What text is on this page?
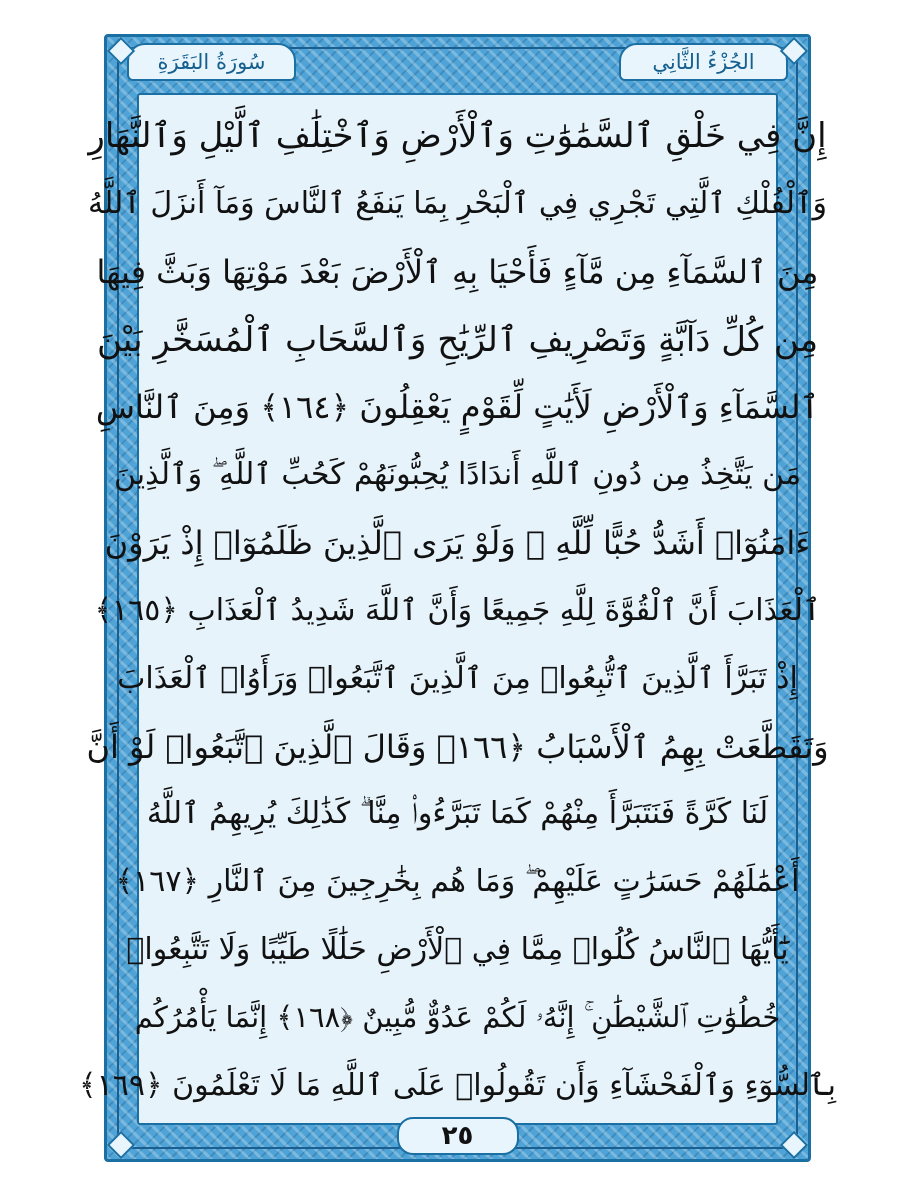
الجُزْءُ الثَّانِي
سُورَةُ البَقَرَةِ
إِنَّ فِي خَلْقِ ٱلسَّمَٰوَٰتِ وَٱلْأَرْضِ وَٱخْتِلَٰفِ ٱلَّيْلِ وَٱلنَّهَارِ
وَٱلْفُلْكِ ٱلَّتِي تَجْرِي فِي ٱلْبَحْرِ بِمَا يَنفَعُ ٱلنَّاسَ وَمَآ أَنزَلَ ٱللَّهُ
مِنَ ٱلسَّمَآءِ مِن مَّآءٍ فَأَحْيَا بِهِ ٱلْأَرْضَ بَعْدَ مَوْتِهَا وَبَثَّ فِيهَا
مِن كُلِّ دَآبَّةٍ وَتَصْرِيفِ ٱلرِّيَٰحِ وَٱلسَّحَابِ ٱلْمُسَخَّرِ بَيْنَ
ٱلسَّمَآءِ وَٱلْأَرْضِ لَأَيَٰتٍ لِّقَوْمٍ يَعْقِلُونَ ﴿١٦٤﴾ وَمِنَ ٱلنَّاسِ
مَن يَتَّخِذُ مِن دُونِ ٱللَّهِ أَندَادًا يُحِبُّونَهُمْ كَحُبِّ ٱللَّهِ ۖ وَٱلَّذِينَ
ءَامَنُوٓا۟ أَشَدُّ حُبًّا لِّلَّهِ ۗ وَلَوْ يَرَى ٱلَّذِينَ ظَلَمُوٓا۟ إِذْ يَرَوْنَ
ٱلْعَذَابَ أَنَّ ٱلْقُوَّةَ لِلَّهِ جَمِيعًا وَأَنَّ ٱللَّهَ شَدِيدُ ٱلْعَذَابِ ﴿١٦٥﴾
إِذْ تَبَرَّأَ ٱلَّذِينَ ٱتُّبِعُوا۟ مِنَ ٱلَّذِينَ ٱتَّبَعُوا۟ وَرَأَوُا۟ ٱلْعَذَابَ
وَتَقَطَّعَتْ بِهِمُ ٱلْأَسْبَابُ ﴿١٦٦﴾ وَقَالَ ٱلَّذِينَ ٱتَّبَعُوا۟ لَوْ أَنَّ
لَنَا كَرَّةً فَنَتَبَرَّأَ مِنْهُمْ كَمَا تَبَرَّءُوا۟ مِنَّا ۗ كَذَٰلِكَ يُرِيهِمُ ٱللَّهُ
أَعْمَٰلَهُمْ حَسَرَٰتٍ عَلَيْهِمْ ۖ وَمَا هُم بِخَٰرِجِينَ مِنَ ٱلنَّارِ ﴿١٦٧﴾
يَٰٓأَيُّهَا ٱلنَّاسُ كُلُوا۟ مِمَّا فِي ٱلْأَرْضِ حَلَٰلًا طَيِّبًا وَلَا تَتَّبِعُوا۟
خُطُوَٰتِ ٱلشَّيْطَٰنِ ۚ إِنَّهُۥ لَكُمْ عَدُوٌّ مُّبِينٌ ﴿١٦٨﴾ إِنَّمَا يَأْمُرُكُم
بِٱلسُّوٓءِ وَٱلْفَحْشَآءِ وَأَن تَقُولُوا۟ عَلَى ٱللَّهِ مَا لَا تَعْلَمُونَ ﴿١٦٩﴾
٢٥
